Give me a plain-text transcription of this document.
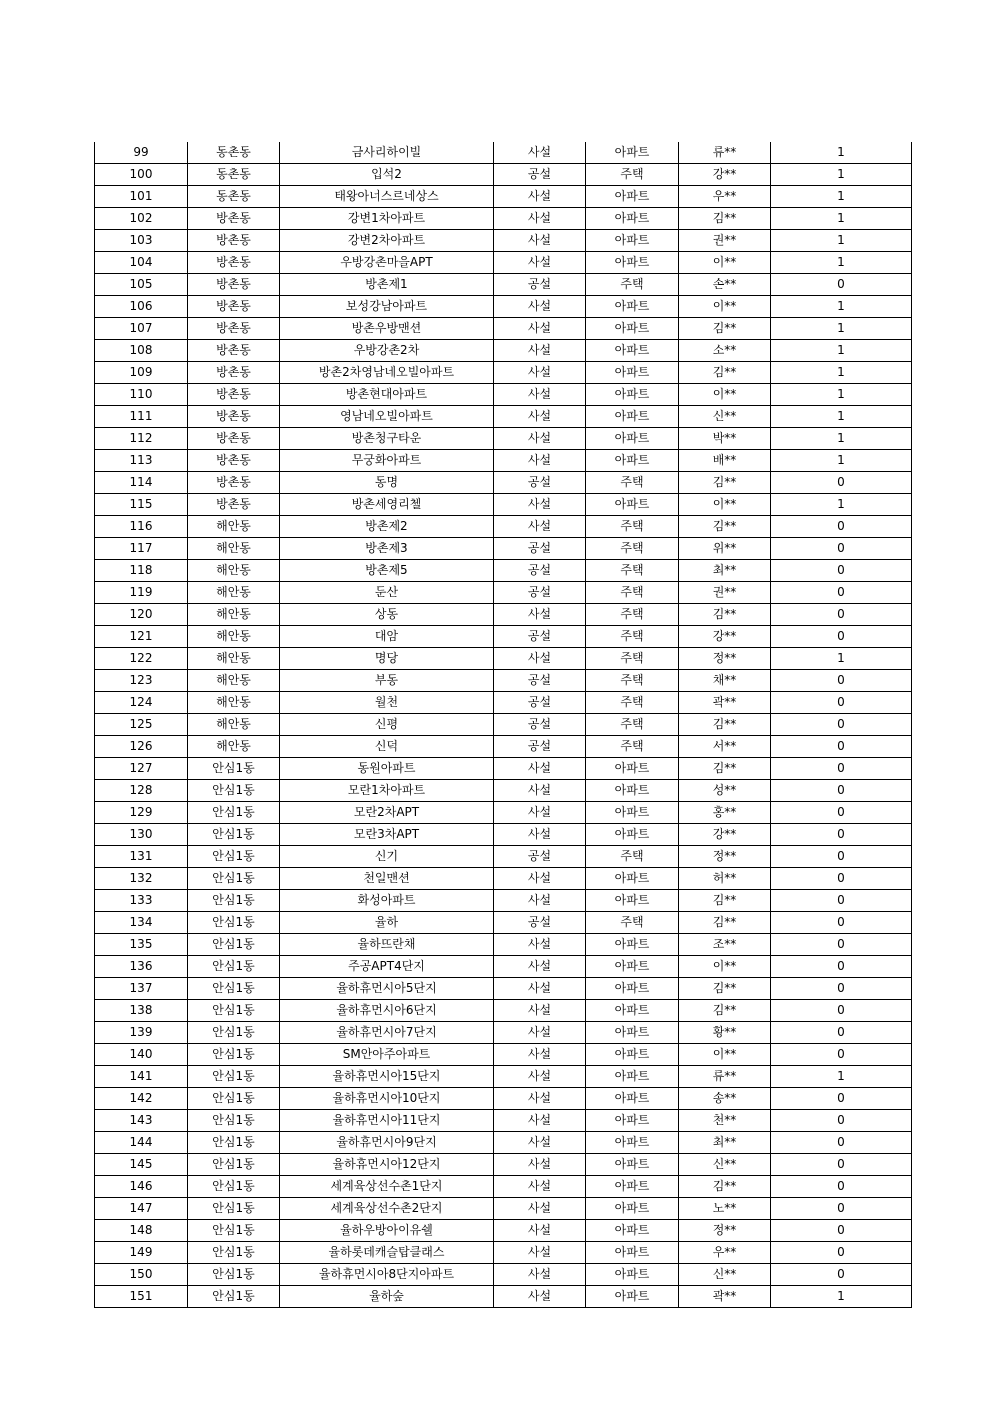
99	동촌동	금사리하이빌	사설	아파트	류**	1
100	동촌동	입석2	공설	주택	강**	1
101	동촌동	태왕아너스르네상스	사설	아파트	우**	1
102	방촌동	강변1차아파트	사설	아파트	김**	1
103	방촌동	강변2차아파트	사설	아파트	권**	1
104	방촌동	우방강촌마을APT	사설	아파트	이**	1
105	방촌동	방촌제1	공설	주택	손**	0
106	방촌동	보성강남아파트	사설	아파트	이**	1
107	방촌동	방촌우방맨션	사설	아파트	김**	1
108	방촌동	우방강촌2차	사설	아파트	소**	1
109	방촌동	방촌2차영남네오빌아파트	사설	아파트	김**	1
110	방촌동	방촌현대아파트	사설	아파트	이**	1
111	방촌동	영남네오빌아파트	사설	아파트	신**	1
112	방촌동	방촌청구타운	사설	아파트	박**	1
113	방촌동	무궁화아파트	사설	아파트	배**	1
114	방촌동	동명	공설	주택	김**	0
115	방촌동	방촌세영리첼	사설	아파트	이**	1
116	해안동	방촌제2	사설	주택	김**	0
117	해안동	방촌제3	공설	주택	위**	0
118	해안동	방촌제5	공설	주택	최**	0
119	해안동	둔산	공설	주택	권**	0
120	해안동	상동	사설	주택	김**	0
121	해안동	대암	공설	주택	강**	0
122	해안동	명당	사설	주택	정**	1
123	해안동	부동	공설	주택	채**	0
124	해안동	월천	공설	주택	곽**	0
125	해안동	신평	공설	주택	김**	0
126	해안동	신덕	공설	주택	서**	0
127	안심1동	동원아파트	사설	아파트	김**	0
128	안심1동	모란1차아파트	사설	아파트	성**	0
129	안심1동	모란2차APT	사설	아파트	홍**	0
130	안심1동	모란3차APT	사설	아파트	강**	0
131	안심1동	신기	공설	주택	정**	0
132	안심1동	천일맨션	사설	아파트	허**	0
133	안심1동	화성아파트	사설	아파트	김**	0
134	안심1동	율하	공설	주택	김**	0
135	안심1동	율하뜨란채	사설	아파트	조**	0
136	안심1동	주공APT4단지	사설	아파트	이**	0
137	안심1동	율하휴먼시아5단지	사설	아파트	김**	0
138	안심1동	율하휴먼시아6단지	사설	아파트	김**	0
139	안심1동	율하휴먼시아7단지	사설	아파트	황**	0
140	안심1동	SM안아주아파트	사설	아파트	이**	0
141	안심1동	율하휴먼시아15단지	사설	아파트	류**	1
142	안심1동	율하휴먼시아10단지	사설	아파트	송**	0
143	안심1동	율하휴먼시아11단지	사설	아파트	천**	0
144	안심1동	율하휴먼시아9단지	사설	아파트	최**	0
145	안심1동	율하휴먼시아12단지	사설	아파트	신**	0
146	안심1동	세계육상선수촌1단지	사설	아파트	김**	0
147	안심1동	세계육상선수촌2단지	사설	아파트	노**	0
148	안심1동	율하우방아이유쉘	사설	아파트	정**	0
149	안심1동	율하롯데캐슬탑클래스	사설	아파트	우**	0
150	안심1동	율하휴먼시아8단지아파트	사설	아파트	신**	0
151	안심1동	율하숲	사설	아파트	곽**	1
